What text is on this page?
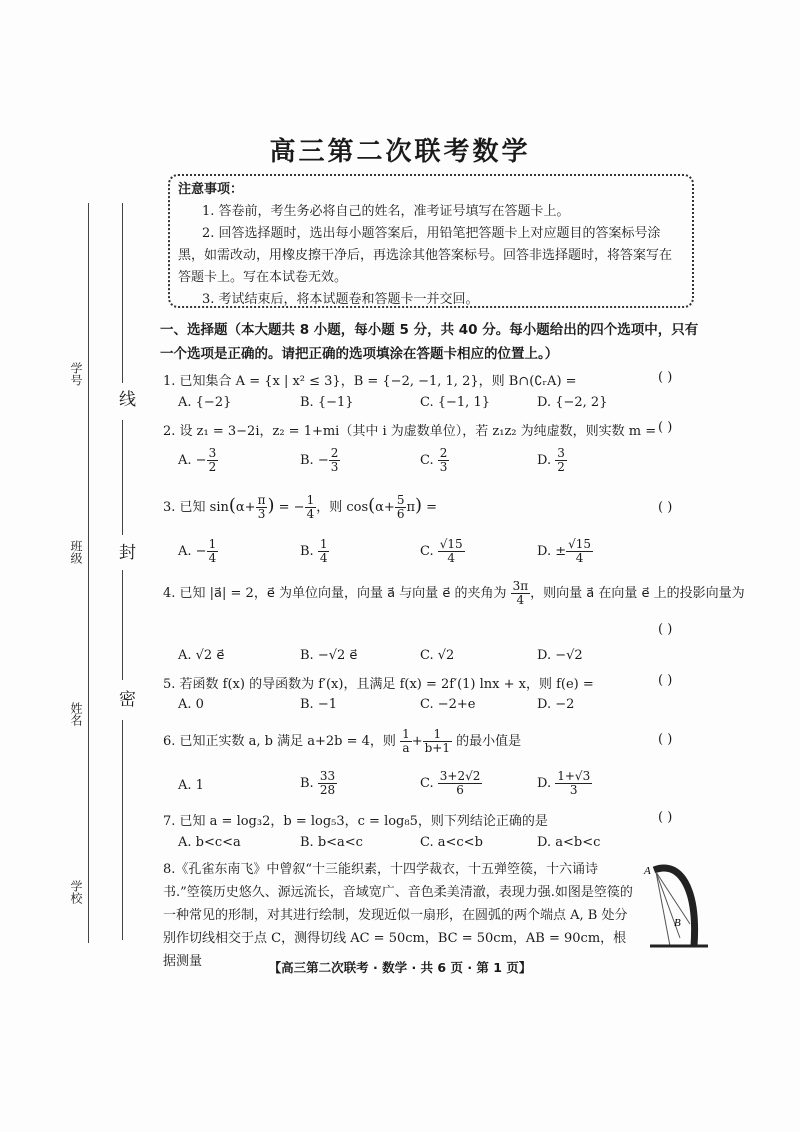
学号
班级
姓名
学校
线
封
密
高三第二次联考数学
注意事项：
1. 答卷前，考生务必将自己的姓名，准考证号填写在答题卡上。
2. 回答选择题时，选出每小题答案后，用铅笔把答题卡上对应题目的答案标号涂黑，如需改动，用橡皮擦干净后，再选涂其他答案标号。回答非选择题时，将答案写在答题卡上。写在本试卷无效。
3. 考试结束后，将本试题卷和答题卡一并交回。
一、选择题（本大题共 8 小题，每小题 5 分，共 40 分。每小题给出的四个选项中，只有一个选项是正确的。请把正确的选项填涂在答题卡相应的位置上。）
1. 已知集合 A = {x | x² ≤ 3}，B = {−2, −1, 1, 2}，则 B∩(∁ᵣA) =	( )
A. {−2}	B. {−1}	C. {−1, 1}	D. {−2, 2}
2. 设 z₁ = 3−2i，z₂ = 1+mi（其中 i 为虚数单位），若 z₁z₂ 为纯虚数，则实数 m = ( )
A. − $\frac{3}{2}$	B. − $\frac{2}{3}$	C. $\frac{2}{3}$	D. $\frac{3}{2}$
3. 已知 $\sin(\alpha+ \frac{\pi}{3}$ ) = − $\frac{1}{4}$ ，则 $\cos(\alpha+ \frac{5}{6} \pi)$ =	( )
A. − $\frac{1}{4}$	B. $\frac{1}{4}$	C. $\frac{√15}{4}$	D. ± $\frac{√15}{4}$
4. 已知 |a⃗| = 2，e⃗ 为单位向量，向量 a⃗ 与向量 e⃗ 的夹角为 $\frac{3\pi}{4}$ ，则向量 a⃗ 在向量 e⃗ 上的投影向量为
( )
A. √2 e⃗	B. −√2 e⃗	C. √2	D. −√2
5. 若函数 f(x) 的导函数为 f′(x)，且满足 f(x) = 2f′(1) lnx + x，则 f(e) =	( )
A. 0	B. −1	C. −2+e	D. −2
6. 已知正实数 a, b 满足 a+2b = 4，则 $\frac{1}{a} + \frac{1}{b+1}$ 的最小值是	( )
A. 1	B. $\frac{33}{28}$	C. $\frac{3+2√2}{6}$	D. $\frac{1+√3}{3}$
7. 已知 a = log₃2，b = log₅3，c = log₈5，则下列结论正确的是	( )
A. b<c<a	B. b<a<c	C. a<c<b	D. a<b<c
8.《孔雀东南飞》中曾叙“十三能织素，十四学裁衣，十五弹箜篌，十六诵诗书.”箜篌历史悠久、源远流长，音域宽广、音色柔美清澈，表现力强.如图是箜篌的一种常见的形制，对其进行绘制，发现近似一扇形，在圆弧的两个端点 A, B 处分别作切线相交于点 C，测得切线 AC = 50cm，BC = 50cm，AB = 90cm，根据测量
A
B
【高三第二次联考 · 数学 · 共 6 页 · 第 1 页】
